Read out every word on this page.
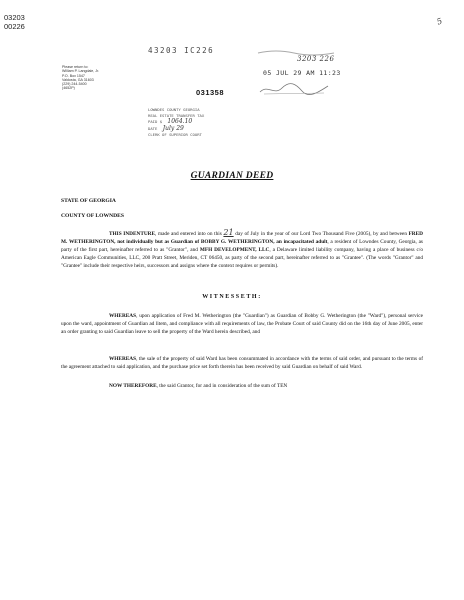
03203
00226	5
43203 IC226
3203 226
05 JUL 29 AM 11:23
Please return to:
William P. Langdale, Jr.
P.O. Box 1547
Valdosta, GA 31603
(229) 244-5400
(4652P)	031358
LOWNDES COUNTY GEORGIA
REAL ESTATE TRANSFER TAX
PAID $ 1064.10
DATE July 29
CLERK OF SUPERIOR COURT
GUARDIAN DEED
STATE OF GEORGIA
COUNTY OF LOWNDES
THIS INDENTURE, made and entered into on this 21 day of July in the year of our Lord Two Thousand Five (2005), by and between FRED M. WETHERINGTON, not individually but as Guardian of BOBBY G. WETHERINGTON, an incapacitated adult, a resident of Lowndes County, Georgia, as party of the first part, hereinafter referred to as "Grantor", and MFH DEVELOPMENT, LLC, a Delaware limited liability company, having a place of business c/o American Eagle Communities, LLC, 200 Pratt Street, Meriden, CT 06450, as party of the second part, hereinafter referred to as "Grantee". (The words "Grantor" and "Grantee" include their respective heirs, successors and assigns where the context requires or permits).
WITNESSETH:
WHEREAS, upon application of Fred M. Wetherington (the "Guardian") as Guardian of Bobby G. Wetherington (the "Ward"), personal service upon the ward, appointment of Guardian ad litem, and compliance with all requirements of law, the Probate Court of said County did on the 16th day of June 2005, enter an order granting to said Guardian leave to sell the property of the Ward herein described, and
WHEREAS, the sale of the property of said Ward has been consummated in accordance with the terms of said order, and pursuant to the terms of the agreement attached to said application, and the purchase price set forth therein has been received by said Guardian on behalf of said Ward.
NOW THEREFORE, the said Grantor, for and in consideration of the sum of TEN
